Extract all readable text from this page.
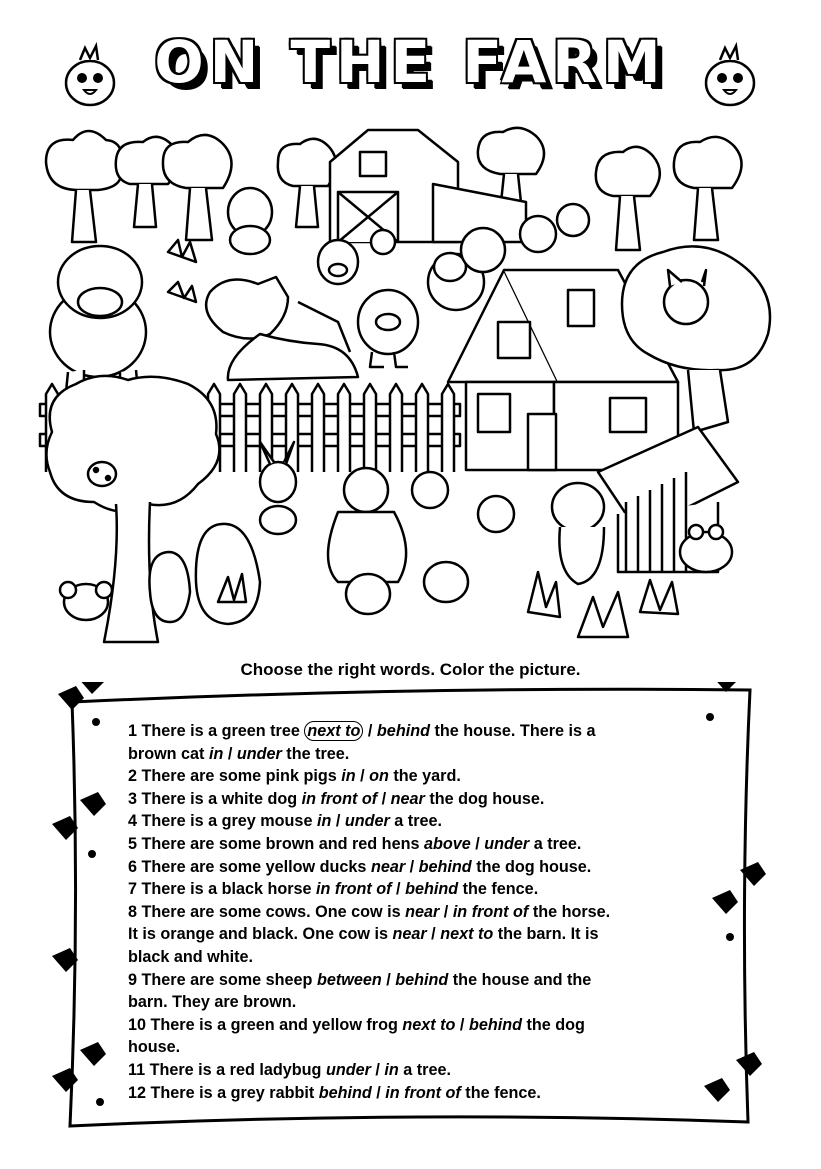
ON THE FARM
Choose the right words. Color the picture.
1 There is a green tree next to / behind the house. There is a
brown cat in / under the tree.
2 There are some pink pigs in / on the yard.
3 There is a white dog in front of / near the dog house.
4 There is a grey mouse in / under a tree.
5 There are some brown and red hens above / under a tree.
6 There are some yellow ducks near / behind the dog house.
7 There is a black horse in front of / behind the fence.
8 There are some cows. One cow is near / in front of the horse.
It is orange and black. One cow is near / next to the barn. It is
black and white.
9 There are some sheep between / behind the house and the
barn. They are brown.
10 There is a green and yellow frog next to / behind the dog
house.
11 There is a red ladybug under / in a tree.
12 There is a grey rabbit behind / in front of the fence.
